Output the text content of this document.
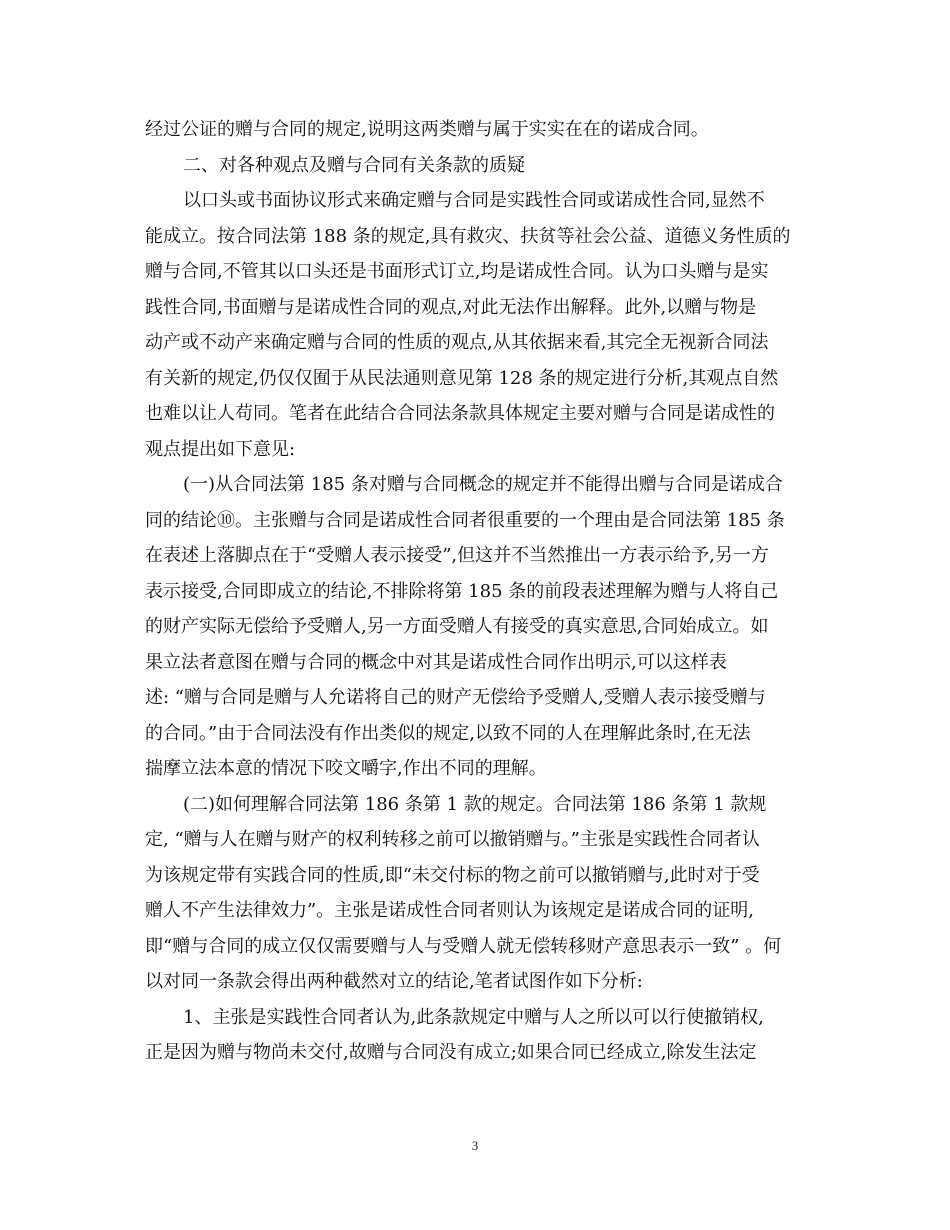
经过公证的赠与合同的规定,说明这两类赠与属于实实在在的诺成合同。
二、对各种观点及赠与合同有关条款的质疑
以口头或书面协议形式来确定赠与合同是实践性合同或诺成性合同,显然不
能成立。按合同法第 188 条的规定,具有救灾、扶贫等社会公益、道德义务性质的
赠与合同,不管其以口头还是书面形式订立,均是诺成性合同。认为口头赠与是实
践性合同,书面赠与是诺成性合同的观点,对此无法作出解释。此外,以赠与物是
动产或不动产来确定赠与合同的性质的观点,从其依据来看,其完全无视新合同法
有关新的规定,仍仅仅囿于从民法通则意见第 128 条的规定进行分析,其观点自然
也难以让人苟同。笔者在此结合合同法条款具体规定主要对赠与合同是诺成性的
观点提出如下意见:
(一)从合同法第 185 条对赠与合同概念的规定并不能得出赠与合同是诺成合
同的结论⑩。主张赠与合同是诺成性合同者很重要的一个理由是合同法第 185 条
在表述上落脚点在于“受赠人表示接受”,但这并不当然推出一方表示给予,另一方
表示接受,合同即成立的结论,不排除将第 185 条的前段表述理解为赠与人将自己
的财产实际无偿给予受赠人,另一方面受赠人有接受的真实意思,合同始成立。如
果立法者意图在赠与合同的概念中对其是诺成性合同作出明示,可以这样表
述: “赠与合同是赠与人允诺将自己的财产无偿给予受赠人,受赠人表示接受赠与
的合同。”由于合同法没有作出类似的规定,以致不同的人在理解此条时,在无法
揣摩立法本意的情况下咬文嚼字,作出不同的理解。
(二)如何理解合同法第 186 条第 1 款的规定。合同法第 186 条第 1 款规
定, “赠与人在赠与财产的权利转移之前可以撤销赠与。”主张是实践性合同者认
为该规定带有实践合同的性质,即“未交付标的物之前可以撤销赠与,此时对于受
赠人不产生法律效力”。主张是诺成性合同者则认为该规定是诺成合同的证明,
即“赠与合同的成立仅仅需要赠与人与受赠人就无偿转移财产意思表示一致” 。何
以对同一条款会得出两种截然对立的结论,笔者试图作如下分析:
1、主张是实践性合同者认为,此条款规定中赠与人之所以可以行使撤销权,
正是因为赠与物尚未交付,故赠与合同没有成立;如果合同已经成立,除发生法定
3
